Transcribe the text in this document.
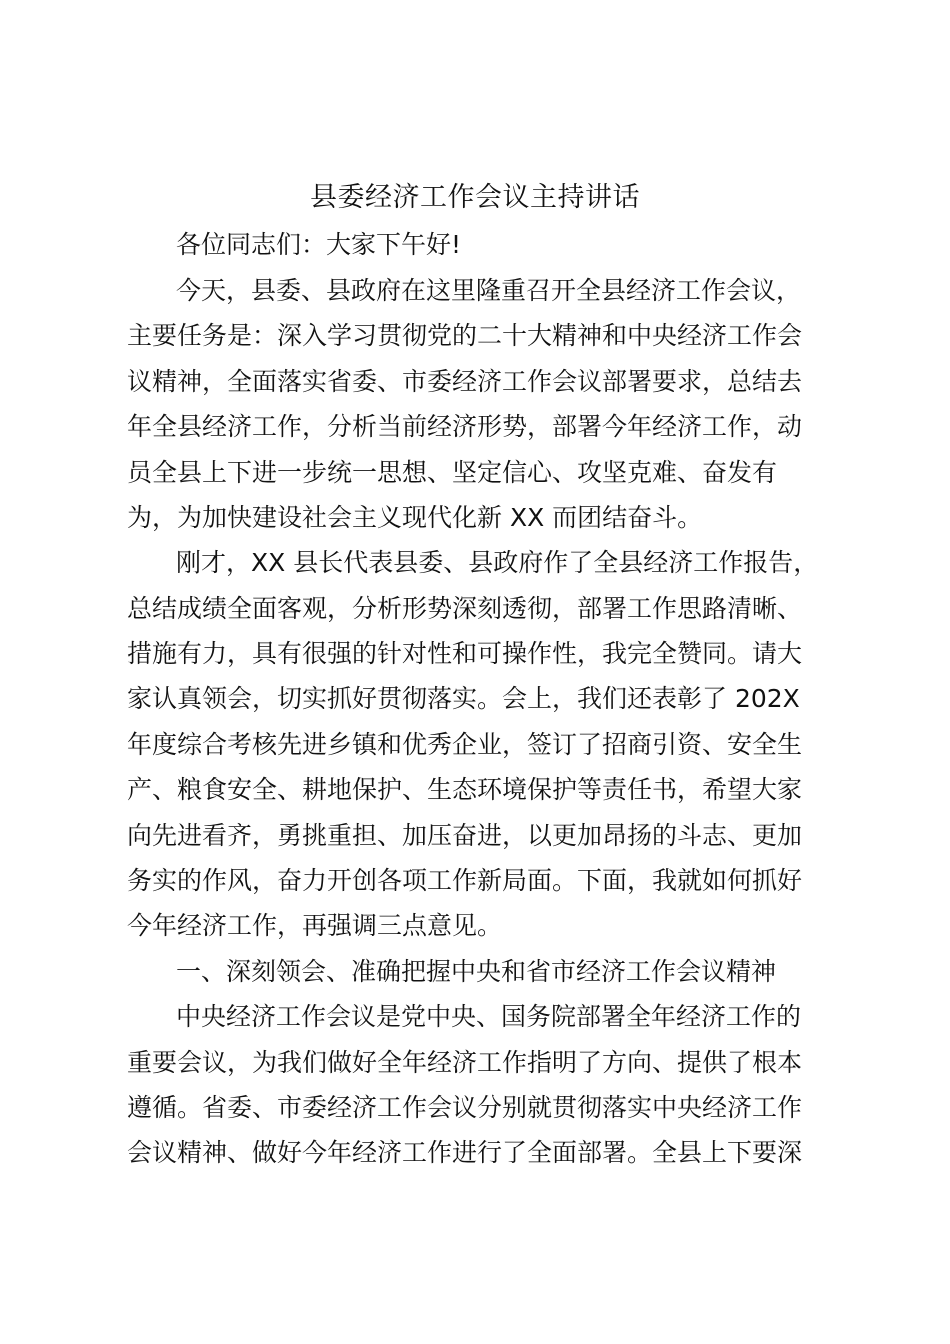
县委经济工作会议主持讲话

各位同志们：大家下午好!

今天，县委、县政府在这里隆重召开全县经济工作会议，

主要任务是：深入学习贯彻党的二十大精神和中央经济工作会

议精神，全面落实省委、市委经济工作会议部署要求，总结去

年全县经济工作，分析当前经济形势，部署今年经济工作，动

员全县上下进一步统一思想、坚定信心、攻坚克难、奋发有

为，为加快建设社会主义现代化新 XX 而团结奋斗。

刚才，XX 县长代表县委、县政府作了全县经济工作报告，

总结成绩全面客观，分析形势深刻透彻，部署工作思路清晰、

措施有力，具有很强的针对性和可操作性，我完全赞同。请大

家认真领会，切实抓好贯彻落实。会上，我们还表彰了 202X

年度综合考核先进乡镇和优秀企业，签订了招商引资、安全生

产、粮食安全、耕地保护、生态环境保护等责任书，希望大家

向先进看齐，勇挑重担、加压奋进，以更加昂扬的斗志、更加

务实的作风，奋力开创各项工作新局面。下面，我就如何抓好

今年经济工作，再强调三点意见。

一、深刻领会、准确把握中央和省市经济工作会议精神

中央经济工作会议是党中央、国务院部署全年经济工作的

重要会议，为我们做好全年经济工作指明了方向、提供了根本

遵循。省委、市委经济工作会议分别就贯彻落实中央经济工作

会议精神、做好今年经济工作进行了全面部署。全县上下要深
